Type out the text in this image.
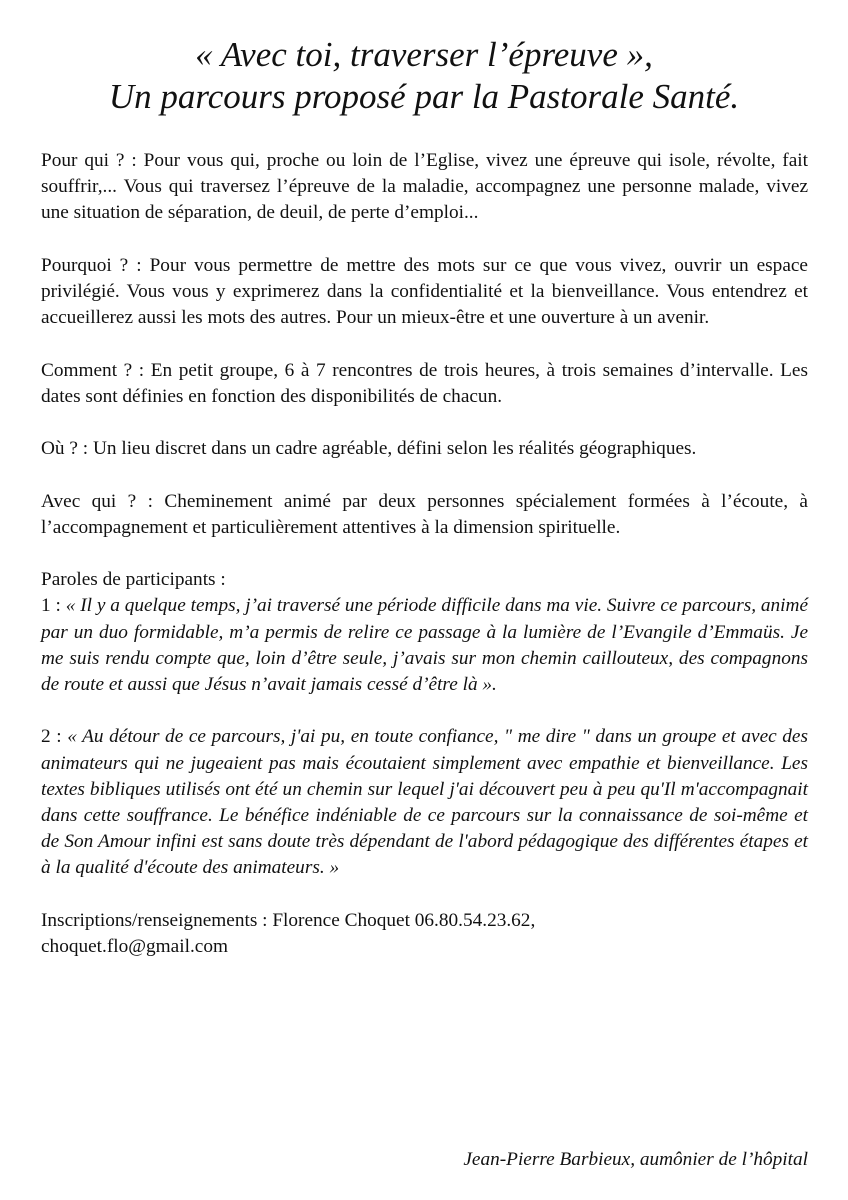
« Avec toi, traverser l’épreuve »,
Un parcours proposé par la Pastorale Santé.

Pour qui ? : Pour vous qui, proche ou loin de l’Eglise, vivez une épreuve qui isole, révolte, fait souffrir,... Vous qui traversez l’épreuve de la maladie, accompagnez une personne malade, vivez une situation de séparation, de deuil, de perte d’emploi...

Pourquoi ? : Pour vous permettre de mettre des mots sur ce que vous vivez, ouvrir un espace privilégié. Vous vous y exprimerez dans la confidentialité et la bienveillance. Vous entendrez et accueillerez aussi les mots des autres. Pour un mieux-être et une ouverture à un avenir.

Comment ? : En petit groupe, 6 à 7 rencontres de trois heures, à trois semaines d’intervalle. Les dates sont définies en fonction des disponibilités de chacun.

Où ? : Un lieu discret dans un cadre agréable, défini selon les réalités géographiques.

Avec qui ? : Cheminement animé par deux personnes spécialement formées à l’écoute, à l’accompagnement et particulièrement attentives à la dimension spirituelle.

Paroles de participants :

1 : « Il y a quelque temps, j’ai traversé une période difficile dans ma vie. Suivre ce parcours, animé par un duo formidable, m’a permis de relire ce passage à la lumière de l’Evangile d’Emmaüs. Je me suis rendu compte que, loin d’être seule, j’avais sur mon chemin caillouteux, des compagnons de route et aussi que Jésus n’avait jamais cessé d’être là ».

2 : « Au détour de ce parcours, j'ai pu, en toute confiance, " me dire " dans un groupe et avec des animateurs qui ne jugeaient pas mais écoutaient simplement avec empathie et bienveillance. Les textes bibliques utilisés ont été un chemin sur lequel j'ai découvert peu à peu qu'Il m'accompagnait dans cette souffrance. Le bénéfice indéniable de ce parcours sur la connaissance de soi-même et de Son Amour infini est sans doute très dépendant de l'abord pédagogique des différentes étapes et à la qualité d'écoute des animateurs. »

Inscriptions/renseignements : Florence Choquet 06.80.54.23.62,
choquet.flo@gmail.com

Jean-Pierre Barbieux, aumônier de l’hôpital
